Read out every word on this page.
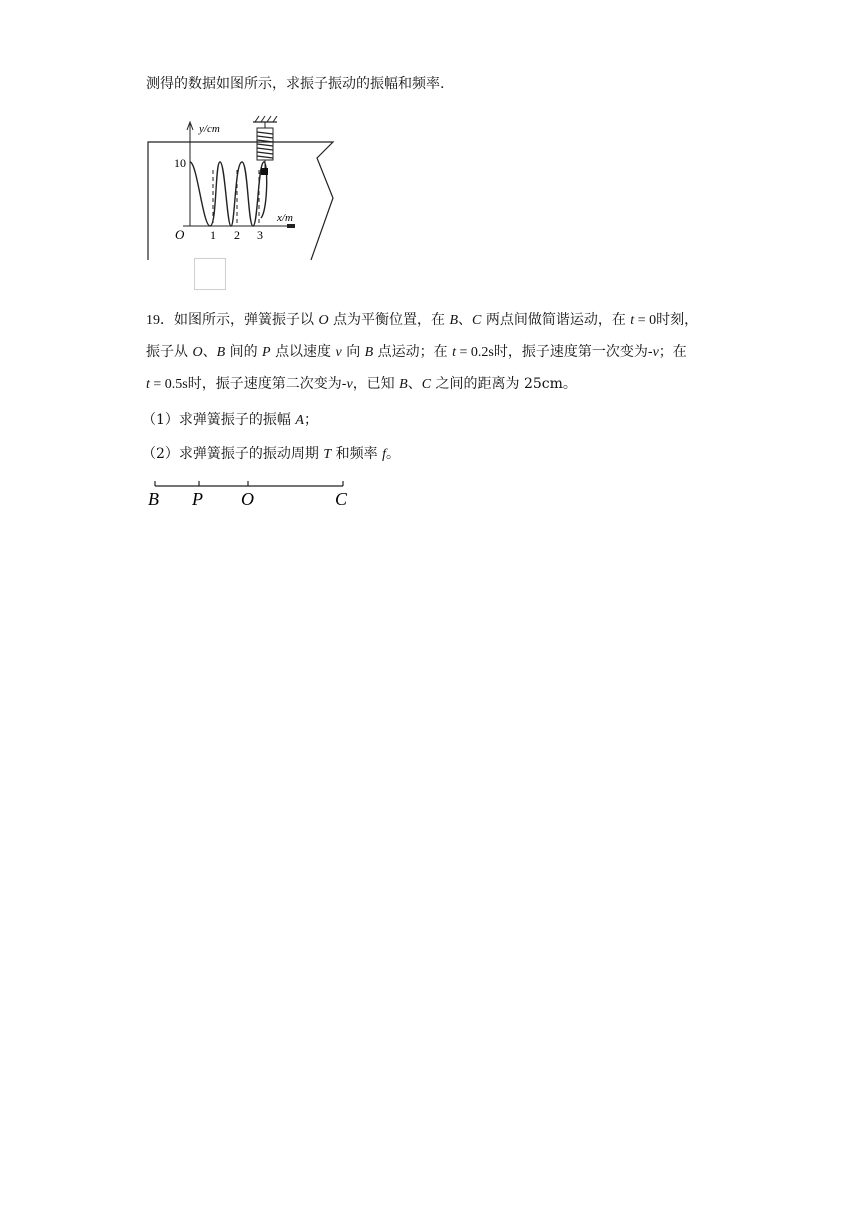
测得的数据如图所示，求振子振动的振幅和频率.
y/cm
x/m
10
O 1 2 3
19．如图所示，弹簧振子以 O 点为平衡位置，在 B、C 两点间做简谐运动，在 t = 0时刻，
振子从 O、B 间的 P 点以速度 v 向 B 点运动；在 t = 0.2s时，振子速度第一次变为-v；在
t = 0.5s时，振子速度第二次变为-v，已知 B、C 之间的距离为 25cm。
（1）求弹簧振子的振幅 A；
（2）求弹簧振子的振动周期 T 和频率 f。
B P O	C
